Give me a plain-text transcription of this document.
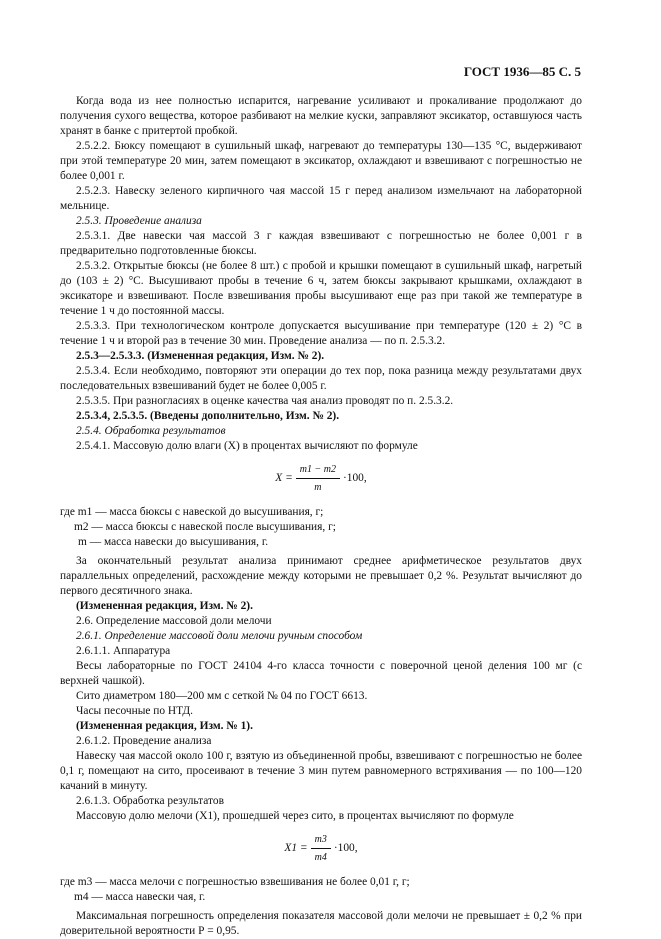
ГОСТ 1936—85 С. 5

Когда вода из нее полностью испарится, нагревание усиливают и прокаливание продолжают до получения сухого вещества, которое разбивают на мелкие куски, заправляют эксикатор, оставшуюся часть хранят в банке с притертой пробкой.

2.5.2.2. Бюксу помещают в сушильный шкаф, нагревают до температуры 130—135 °С, выдерживают при этой температуре 20 мин, затем помещают в эксикатор, охлаждают и взвешивают с погрешностью не более 0,001 г.

2.5.2.3. Навеску зеленого кирпичного чая массой 15 г перед анализом измельчают на лабораторной мельнице.

2.5.3. Проведение анализа

2.5.3.1. Две навески чая массой 3 г каждая взвешивают с погрешностью не более 0,001 г в предварительно подготовленные бюксы.

2.5.3.2. Открытые бюксы (не более 8 шт.) с пробой и крышки помещают в сушильный шкаф, нагретый до (103 ± 2) °С. Высушивают пробы в течение 6 ч, затем бюксы закрывают крышками, охлаждают в эксикаторе и взвешивают. После взвешивания пробы высушивают еще раз при такой же температуре в течение 1 ч до постоянной массы.

2.5.3.3. При технологическом контроле допускается высушивание при температуре (120 ± 2) °С в течение 1 ч и второй раз в течение 30 мин. Проведение анализа — по п. 2.5.3.2.

2.5.3—2.5.3.3. (Измененная редакция, Изм. № 2).

2.5.3.4. Если необходимо, повторяют эти операции до тех пор, пока разница между результатами двух последовательных взвешиваний будет не более 0,005 г.

2.5.3.5. При разногласиях в оценке качества чая анализ проводят по п. 2.5.3.2.

2.5.3.4, 2.5.3.5. (Введены дополнительно, Изм. № 2).

2.5.4. Обработка результатов

2.5.4.1. Массовую долю влаги (X) в процентах вычисляют по формуле

$X = \frac{m1 - m2}{m} \cdot 100$,

где m1 — масса бюксы с навеской до высушивания, г;

m2 — масса бюксы с навеской после высушивания, г;

m — масса навески до высушивания, г.

За окончательный результат анализа принимают среднее арифметическое результатов двух параллельных определений, расхождение между которыми не превышает 0,2 %. Результат вычисляют до первого десятичного знака.

(Измененная редакция, Изм. № 2).

2.6. Определение массовой доли мелочи

2.6.1. Определение массовой доли мелочи ручным способом

2.6.1.1. Аппаратура

Весы лабораторные по ГОСТ 24104 4-го класса точности с поверочной ценой деления 100 мг (с верхней чашкой).

Сито диаметром 180—200 мм с сеткой № 04 по ГОСТ 6613.

Часы песочные по НТД.

(Измененная редакция, Изм. № 1).

2.6.1.2. Проведение анализа

Навеску чая массой около 100 г, взятую из объединенной пробы, взвешивают с погрешностью не более 0,1 г, помещают на сито, просеивают в течение 3 мин путем равномерного встряхивания — по 100—120 качаний в минуту.

2.6.1.3. Обработка результатов

Массовую долю мелочи (X1), прошедшей через сито, в процентах вычисляют по формуле

$X1 = \frac{m3}{m4} \cdot 100$,

где m3 — масса мелочи с погрешностью взвешивания не более 0,01 г, г;

m4 — масса навески чая, г.

Максимальная погрешность определения показателя массовой доли мелочи не превышает ± 0,2 % при доверительной вероятности Р = 0,95.
